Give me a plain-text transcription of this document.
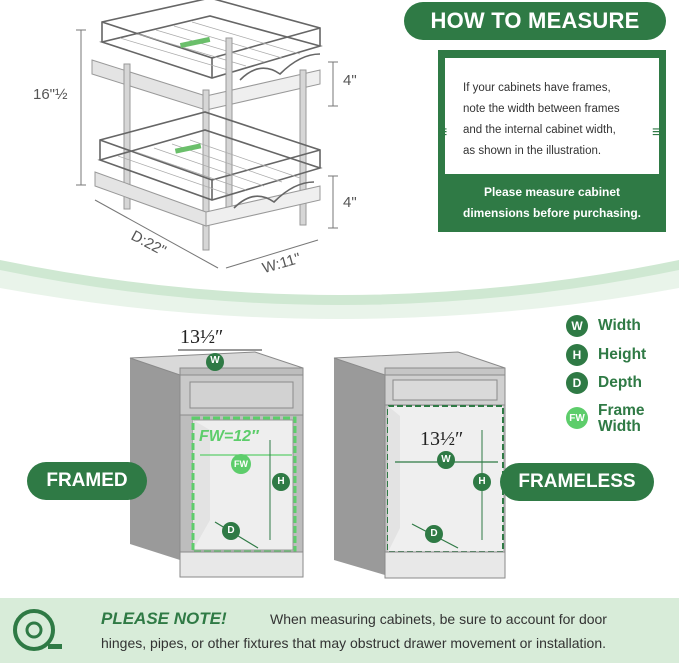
16"½
4"
4"
D:22"
W:11"
HOW TO MEASURE
If your cabinets have frames,
note the width between frames
and the internal cabinet width,
as shown in the illustration.
≡	≡
Please measure cabinet
dimensions before purchasing.
W Width
H	Height
D	Depth
FW Frame
Width
13½″
13½″
FW=12″
W
FW
H
D
W
H
D
FRAMED	FRAMELESS
PLEASE NOTE!	When measuring cabinets, be sure to account for door
hinges, pipes, or other fixtures that may obstruct drawer movement or installation.
